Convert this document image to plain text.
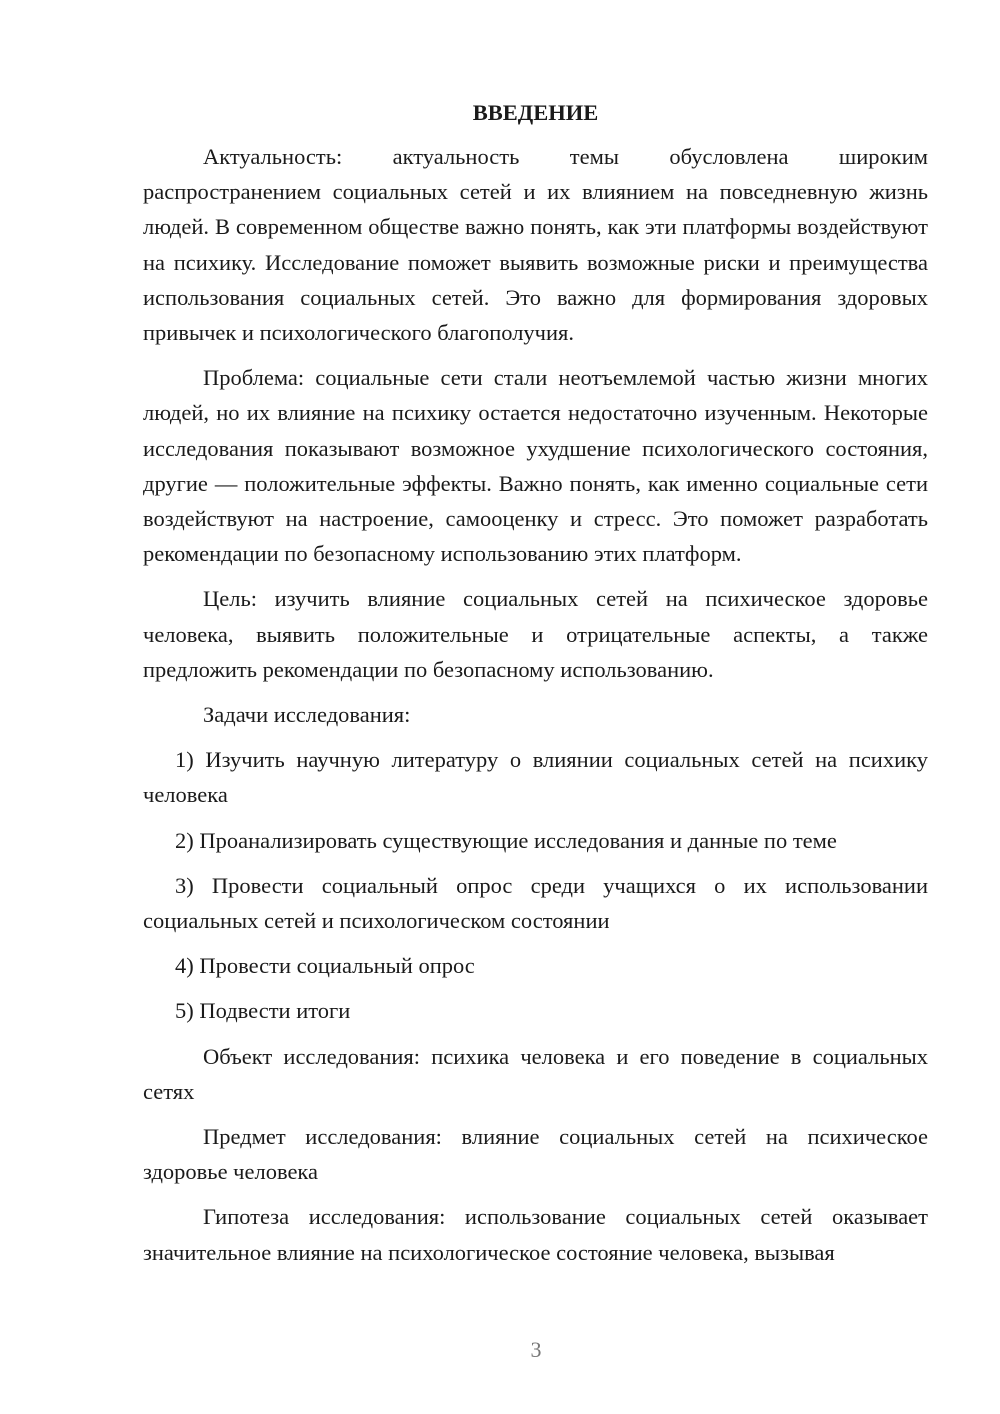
ВВЕДЕНИЕ

Актуальность: актуальность темы обусловлена широким распространением социальных сетей и их влиянием на повседневную жизнь людей. В современном обществе важно понять, как эти платформы воздействуют на психику. Исследование поможет выявить возможные риски и преимущества использования социальных сетей. Это важно для формирования здоровых привычек и психологического благополучия.

Проблема: социальные сети стали неотъемлемой частью жизни многих людей, но их влияние на психику остается недостаточно изученным. Некоторые исследования показывают возможное ухудшение психологического состояния, другие — положительные эффекты. Важно понять, как именно социальные сети воздействуют на настроение, самооценку и стресс. Это поможет разработать рекомендации по безопасному использованию этих платформ.

Цель: изучить влияние социальных сетей на психическое здоровье человека, выявить положительные и отрицательные аспекты, а также предложить рекомендации по безопасному использованию.

Задачи исследования:

1) Изучить научную литературу о влиянии социальных сетей на психику человека

2) Проанализировать существующие исследования и данные по теме

3) Провести социальный опрос среди учащихся о их использовании социальных сетей и психологическом состоянии

4) Провести социальный опрос

5) Подвести итоги

Объект исследования: психика человека и его поведение в социальных сетях

Предмет исследования: влияние социальных сетей на психическое здоровье человека

Гипотеза исследования: использование социальных сетей оказывает значительное влияние на психологическое состояние человека, вызывая

3
